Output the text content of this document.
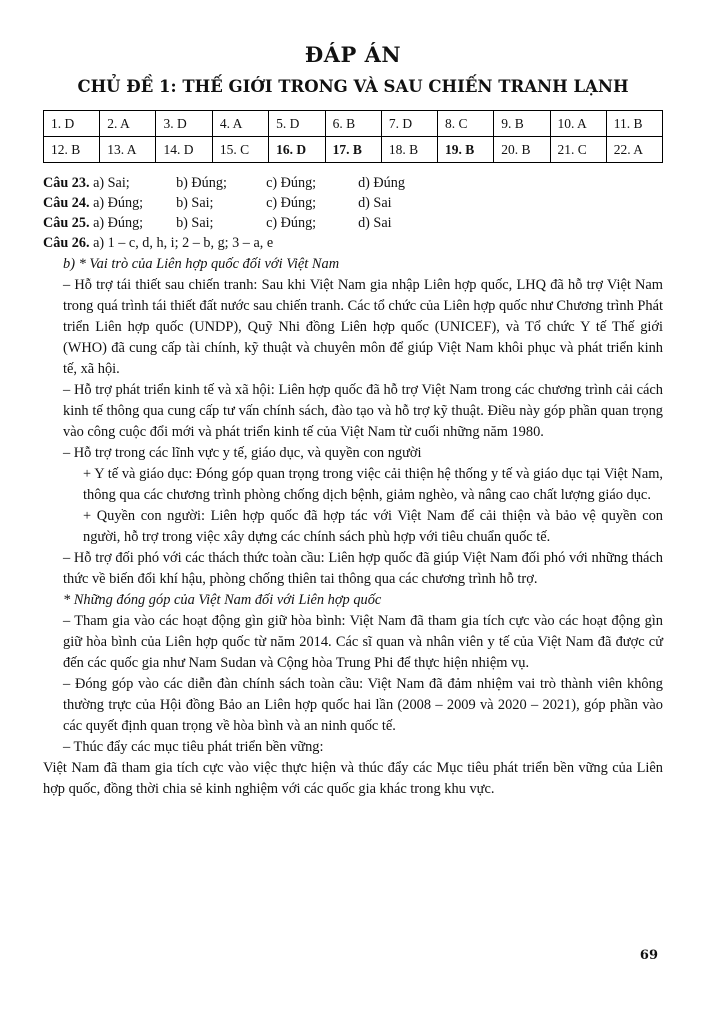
ĐÁP ÁN
CHỦ ĐỀ 1: THẾ GIỚI TRONG VÀ SAU CHIẾN TRANH LẠNH
1. D	2. A	3. D	4. A	5. D	6. B	7. D	8. C	9. B	10. A	11. B
12. B	13. A	14. D	15. C	16. D	17. B	18. B	19. B	20. B	21. C	22. A

Câu 23. a) Sai;	b) Đúng;	c) Đúng;	d) Đúng

Câu 24. a) Đúng; b) Sai;	c) Đúng;	d) Sai

Câu 25. a) Đúng; b) Sai;	c) Đúng;	d) Sai

Câu 26. a) 1 – c, d, h, i; 2 – b, g; 3 – a, e

b) * Vai trò của Liên hợp quốc đối với Việt Nam

– Hỗ trợ tái thiết sau chiến tranh: Sau khi Việt Nam gia nhập Liên hợp quốc, LHQ đã hỗ trợ Việt Nam trong quá trình tái thiết đất nước sau chiến tranh. Các tổ chức của Liên hợp quốc như Chương trình Phát triển Liên hợp quốc (UNDP), Quỹ Nhi đồng Liên hợp quốc (UNICEF), và Tổ chức Y tế Thế giới (WHO) đã cung cấp tài chính, kỹ thuật và chuyên môn để giúp Việt Nam khôi phục và phát triển kinh tế, xã hội.

– Hỗ trợ phát triển kinh tế và xã hội: Liên hợp quốc đã hỗ trợ Việt Nam trong các chương trình cải cách kinh tế thông qua cung cấp tư vấn chính sách, đào tạo và hỗ trợ kỹ thuật. Điều này góp phần quan trọng vào công cuộc đổi mới và phát triển kinh tế của Việt Nam từ cuối những năm 1980.

– Hỗ trợ trong các lĩnh vực y tế, giáo dục, và quyền con người

+ Y tế và giáo dục: Đóng góp quan trọng trong việc cải thiện hệ thống y tế và giáo dục tại Việt Nam, thông qua các chương trình phòng chống dịch bệnh, giảm nghèo, và nâng cao chất lượng giáo dục.

+ Quyền con người: Liên hợp quốc đã hợp tác với Việt Nam để cải thiện và bảo vệ quyền con người, hỗ trợ trong việc xây dựng các chính sách phù hợp với tiêu chuẩn quốc tế.

– Hỗ trợ đối phó với các thách thức toàn cầu: Liên hợp quốc đã giúp Việt Nam đối phó với những thách thức về biến đổi khí hậu, phòng chống thiên tai thông qua các chương trình hỗ trợ.

* Những đóng góp của Việt Nam đối với Liên hợp quốc

– Tham gia vào các hoạt động gìn giữ hòa bình: Việt Nam đã tham gia tích cực vào các hoạt động gìn giữ hòa bình của Liên hợp quốc từ năm 2014. Các sĩ quan và nhân viên y tế của Việt Nam đã được cử đến các quốc gia như Nam Sudan và Cộng hòa Trung Phi để thực hiện nhiệm vụ.

– Đóng góp vào các diễn đàn chính sách toàn cầu: Việt Nam đã đảm nhiệm vai trò thành viên không thường trực của Hội đồng Bảo an Liên hợp quốc hai lần (2008 – 2009 và 2020 – 2021), góp phần vào các quyết định quan trọng về hòa bình và an ninh quốc tế.

– Thúc đẩy các mục tiêu phát triển bền vững:

Việt Nam đã tham gia tích cực vào việc thực hiện và thúc đẩy các Mục tiêu phát triển bền vững của Liên hợp quốc, đồng thời chia sẻ kinh nghiệm với các quốc gia khác trong khu vực.

69
